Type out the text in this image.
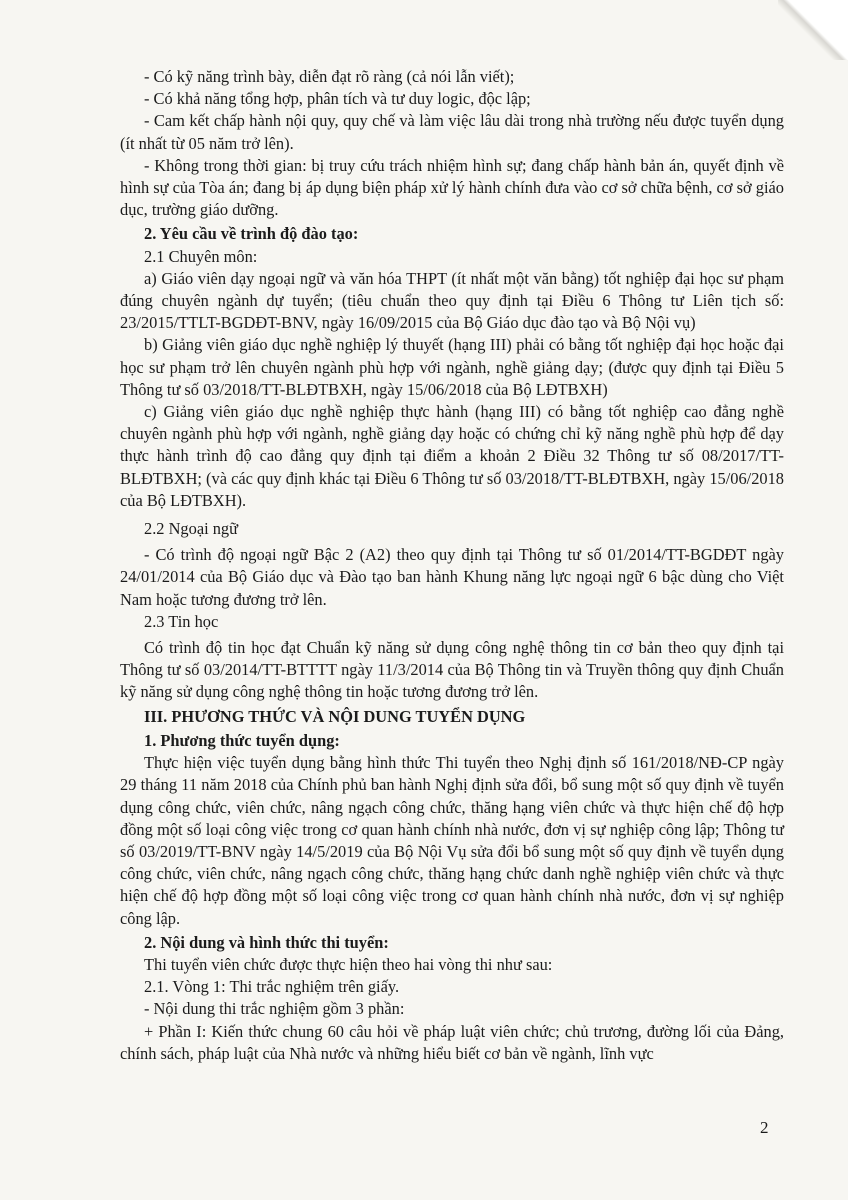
- Có kỹ năng trình bày, diễn đạt rõ ràng (cả nói lẫn viết);

- Có khả năng tổng hợp, phân tích và tư duy logic, độc lập;

- Cam kết chấp hành nội quy, quy chế và làm việc lâu dài trong nhà trường nếu được tuyển dụng (ít nhất từ 05 năm trở lên).

- Không trong thời gian: bị truy cứu trách nhiệm hình sự; đang chấp hành bản án, quyết định về hình sự của Tòa án; đang bị áp dụng biện pháp xử lý hành chính đưa vào cơ sở chữa bệnh, cơ sở giáo dục, trường giáo dưỡng.

2. Yêu cầu về trình độ đào tạo:

2.1 Chuyên môn:

a) Giáo viên dạy ngoại ngữ và văn hóa THPT (ít nhất một văn bằng) tốt nghiệp đại học sư phạm đúng chuyên ngành dự tuyển; (tiêu chuẩn theo quy định tại Điều 6 Thông tư Liên tịch số: 23/2015/TTLT-BGDĐT-BNV, ngày 16/09/2015 của Bộ Giáo dục đào tạo và Bộ Nội vụ)

b) Giảng viên giáo dục nghề nghiệp lý thuyết (hạng III) phải có bằng tốt nghiệp đại học hoặc đại học sư phạm trở lên chuyên ngành phù hợp với ngành, nghề giảng dạy; (được quy định tại Điều 5 Thông tư số 03/2018/TT-BLĐTBXH, ngày 15/06/2018 của Bộ LĐTBXH)

c) Giảng viên giáo dục nghề nghiệp thực hành (hạng III) có bằng tốt nghiệp cao đẳng nghề chuyên ngành phù hợp với ngành, nghề giảng dạy hoặc có chứng chỉ kỹ năng nghề phù hợp để dạy thực hành trình độ cao đẳng quy định tại điểm a khoản 2 Điều 32 Thông tư số 08/2017/TT-BLĐTBXH; (và các quy định khác tại Điều 6 Thông tư số 03/2018/TT-BLĐTBXH, ngày 15/06/2018 của Bộ LĐTBXH).

2.2 Ngoại ngữ

- Có trình độ ngoại ngữ Bậc 2 (A2) theo quy định tại Thông tư số 01/2014/TT-BGDĐT ngày 24/01/2014 của Bộ Giáo dục và Đào tạo ban hành Khung năng lực ngoại ngữ 6 bậc dùng cho Việt Nam hoặc tương đương trở lên.

2.3 Tin học

Có trình độ tin học đạt Chuẩn kỹ năng sử dụng công nghệ thông tin cơ bản theo quy định tại Thông tư số 03/2014/TT-BTTTT ngày 11/3/2014 của Bộ Thông tin và Truyền thông quy định Chuẩn kỹ năng sử dụng công nghệ thông tin hoặc tương đương trở lên.

III. PHƯƠNG THỨC VÀ NỘI DUNG TUYỂN DỤNG

1. Phương thức tuyển dụng:

Thực hiện việc tuyển dụng bằng hình thức Thi tuyển theo Nghị định số 161/2018/NĐ-CP ngày 29 tháng 11 năm 2018 của Chính phủ ban hành Nghị định sửa đổi, bổ sung một số quy định về tuyển dụng công chức, viên chức, nâng ngạch công chức, thăng hạng viên chức và thực hiện chế độ hợp đồng một số loại công việc trong cơ quan hành chính nhà nước, đơn vị sự nghiệp công lập; Thông tư số 03/2019/TT-BNV ngày 14/5/2019 của Bộ Nội Vụ sửa đổi bổ sung một số quy định về tuyển dụng công chức, viên chức, nâng ngạch công chức, thăng hạng chức danh nghề nghiệp viên chức và thực hiện chế độ hợp đồng một số loại công việc trong cơ quan hành chính nhà nước, đơn vị sự nghiệp công lập.

2. Nội dung và hình thức thi tuyển:

Thi tuyển viên chức được thực hiện theo hai vòng thi như sau:

2.1. Vòng 1: Thi trắc nghiệm trên giấy.

- Nội dung thi trắc nghiệm gồm 3 phần:

+ Phần I: Kiến thức chung 60 câu hỏi về pháp luật viên chức; chủ trương, đường lối của Đảng, chính sách, pháp luật của Nhà nước và những hiểu biết cơ bản về ngành, lĩnh vực

2
